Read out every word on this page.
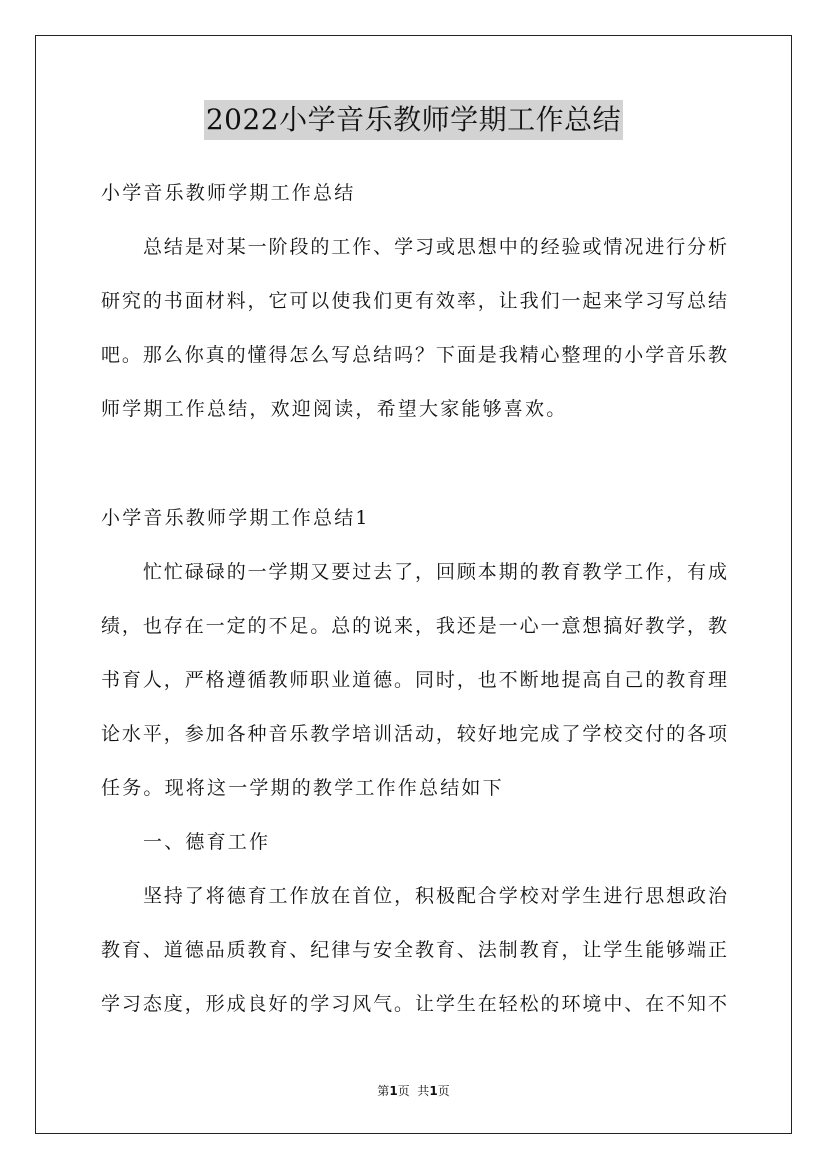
2022小学音乐教师学期工作总结
小学音乐教师学期工作总结
总结是对某一阶段的工作、学习或思想中的经验或情况进行分析
研究的书面材料，它可以使我们更有效率，让我们一起来学习写总结
吧。那么你真的懂得怎么写总结吗？下面是我精心整理的小学音乐教
师学期工作总结，欢迎阅读，希望大家能够喜欢。
小学音乐教师学期工作总结1
忙忙碌碌的一学期又要过去了，回顾本期的教育教学工作，有成
绩，也存在一定的不足。总的说来，我还是一心一意想搞好教学，教
书育人，严格遵循教师职业道德。同时，也不断地提高自己的教育理
论水平，参加各种音乐教学培训活动，较好地完成了学校交付的各项
任务。现将这一学期的教学工作作总结如下
一、德育工作
坚持了将德育工作放在首位，积极配合学校对学生进行思想政治
教育、道德品质教育、纪律与安全教育、法制教育，让学生能够端正
学习态度，形成良好的学习风气。让学生在轻松的环境中、在不知不
第1页  共1页
